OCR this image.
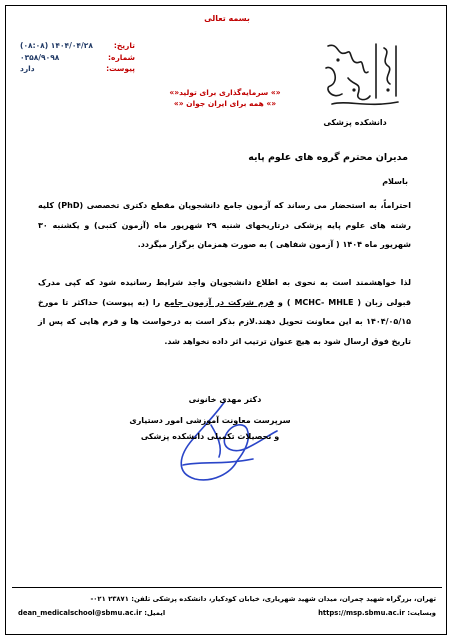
بسمه تعالی
تاریخ:
۱۴۰۴/۰۴/۲۸ (۰۸:۰۸)
شماره:
۰۳۵۸/۹۰۹۸
پیوست:
دارد
«» سرمایه‌گذاری برای تولید«»
«» همه برای ایران جوان «»
دانشکده پزشکی
مدیران محترم گروه های علوم پایه
باسلام
احتراماً، به استحضار می رساند که آزمون جامع دانشجویان مقطع دکتری تخصصی (PhD) کلیه رشته های علوم پایه پزشکی درتاریخهای شنبه ۲۹ شهریور ماه (آزمون کتبی) و یکشنبه ۳۰ شهریور ماه ۱۴۰۴ ( آزمون شفاهی ) به صورت همزمان برگزار میگردد.
لذا خواهشمند است به نحوی به اطلاع دانشجویان واجد شرایط رسانیده شود که کپی مدرک قبولی زبان ( MCHC- MHLE ) و فرم شرکت در آزمون جامع را (به پیوست) حداکثر تا مورخ ۱۴۰۴/۰۵/۱۵ به این معاونت تحویل دهند.لازم بذکر است به درخواست ها و فرم هایی که پس از تاریخ فوق ارسال شود به هیچ عنوان ترتیب اثر داده نخواهد شد.
دکتر مهدی خانونی
سرپرست معاونت آموزشی امور دستیاری
و تحصیلات تکمیلی دانشکده پزشکی
تهران، بزرگراه شهید چمران، میدان شهید شهریاری، خیابان کودکیار، دانشکده پزشکی تلفن: ۲۳۸۷۱ ۰۲۱-
وبسایت: https://msp.sbmu.ac.ir
ایمیل: dean_medicalschool@sbmu.ac.ir
